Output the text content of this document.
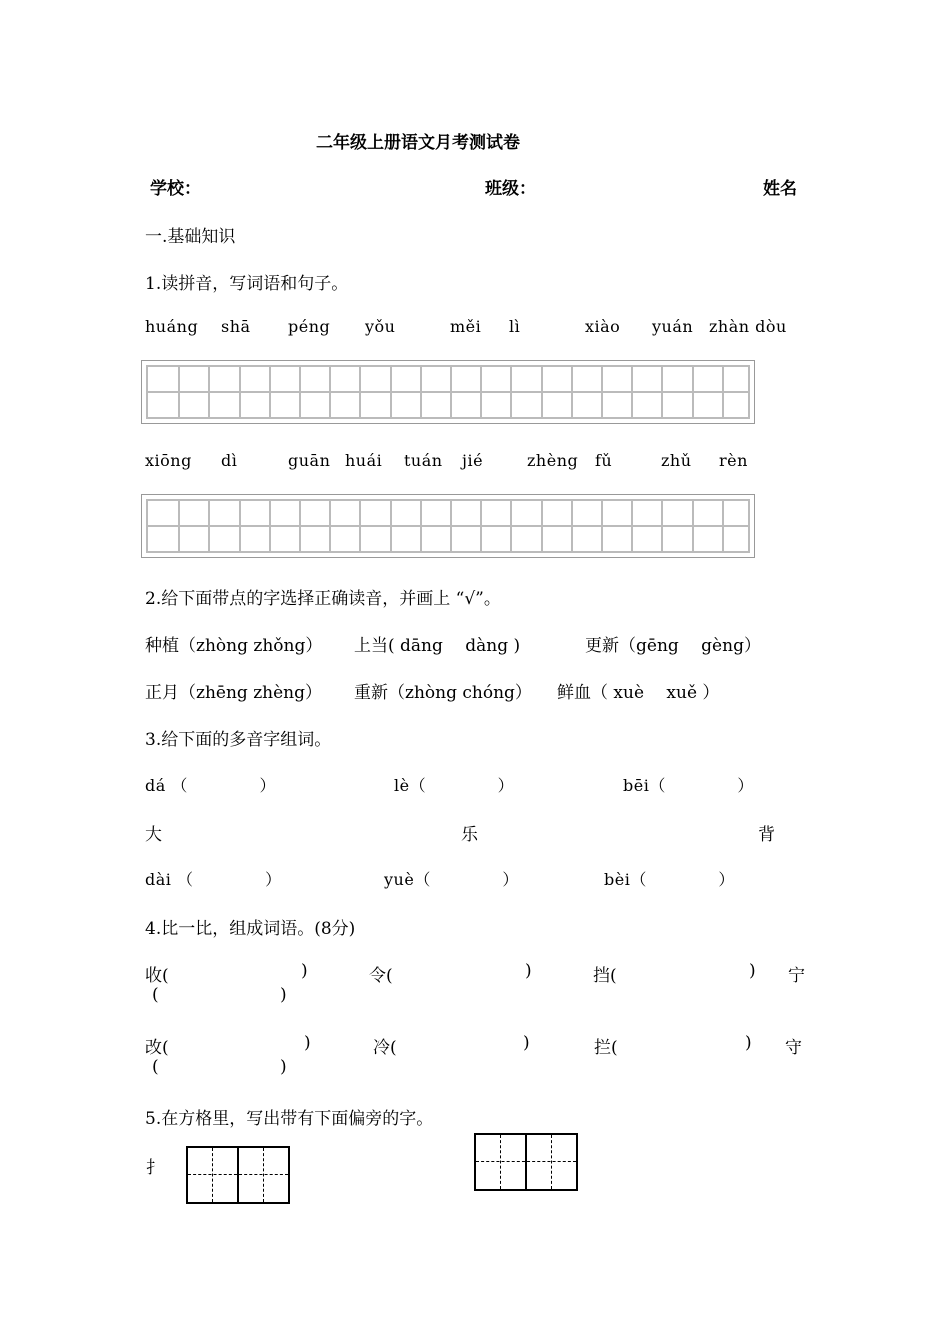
二年级上册语文月考测试卷
学校：	班级：	姓名
一.基础知识
1.读拼音，写词语和句子。
huáng shā péng yǒu	měi lì	xiào yuán zhàn dòu
xiōng dì	guān huái tuán jié	zhèng fǔ	zhǔ rèn
2.给下面带点的字选择正确读音，并画上 “√”。
种植（zhòng zhǒng） 上当( dāng　 dàng )	更新（gēng　 gèng）
正月（zhēng zhèng） 重新（zhòng chóng） 鲜血（ xuè　 xuě ）
3.给下面的多音字组词。
dá （　　　　 ）	lè（　　　　 ）	bēi（　　　　 ）
大	乐	背
dài （　　　　 ）	yuè（　　　　 ）	bèi（　　　　 ）
4.比一比，组成词语。(8分)
收(	)	令(	)	挡(	) 宁
(	)
改(	)	冷(	)	拦(	) 守
(	)
5.在方格里，写出带有下面偏旁的字。
扌
